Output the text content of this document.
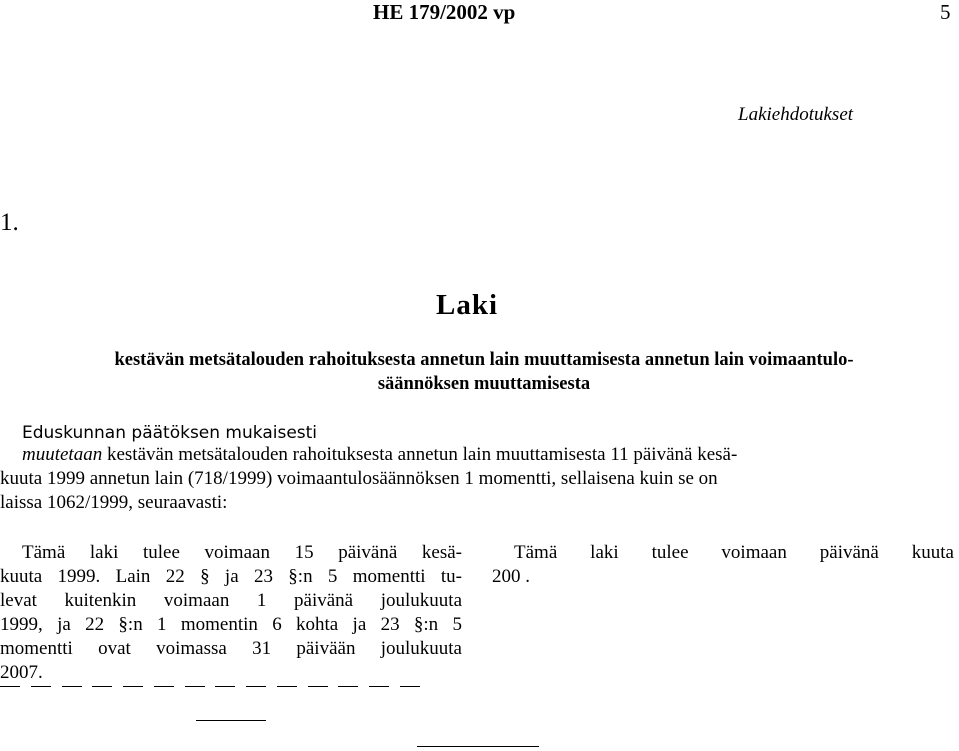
HE 179/2002 vp	5
Lakiehdotukset
1.
Laki
kestävän metsätalouden rahoituksesta annetun lain muuttamisesta annetun lain voimaantulo-
säännöksen muuttamisesta
Eduskunnan päätöksen mukaisesti
muutetaan kestävän metsätalouden rahoituksesta annetun lain muuttamisesta 11 päivänä kesä-
kuuta 1999 annetun lain (718/1999) voimaantulosäännöksen 1 momentti, sellaisena kuin se on
laissa 1062/1999, seuraavasti:
Tämä laki tulee voimaan 15 päivänä kesä-
kuuta 1999. Lain 22 § ja 23 §:n 5 momentti tu-
levat kuitenkin voimaan 1 päivänä joulukuuta
1999, ja 22 §:n 1 momentin 6 kohta ja 23 §:n 5
momentti ovat voimassa 31 päivään joulukuuta
2007.
Tämä laki tulee voimaan päivänä kuuta
200 .
